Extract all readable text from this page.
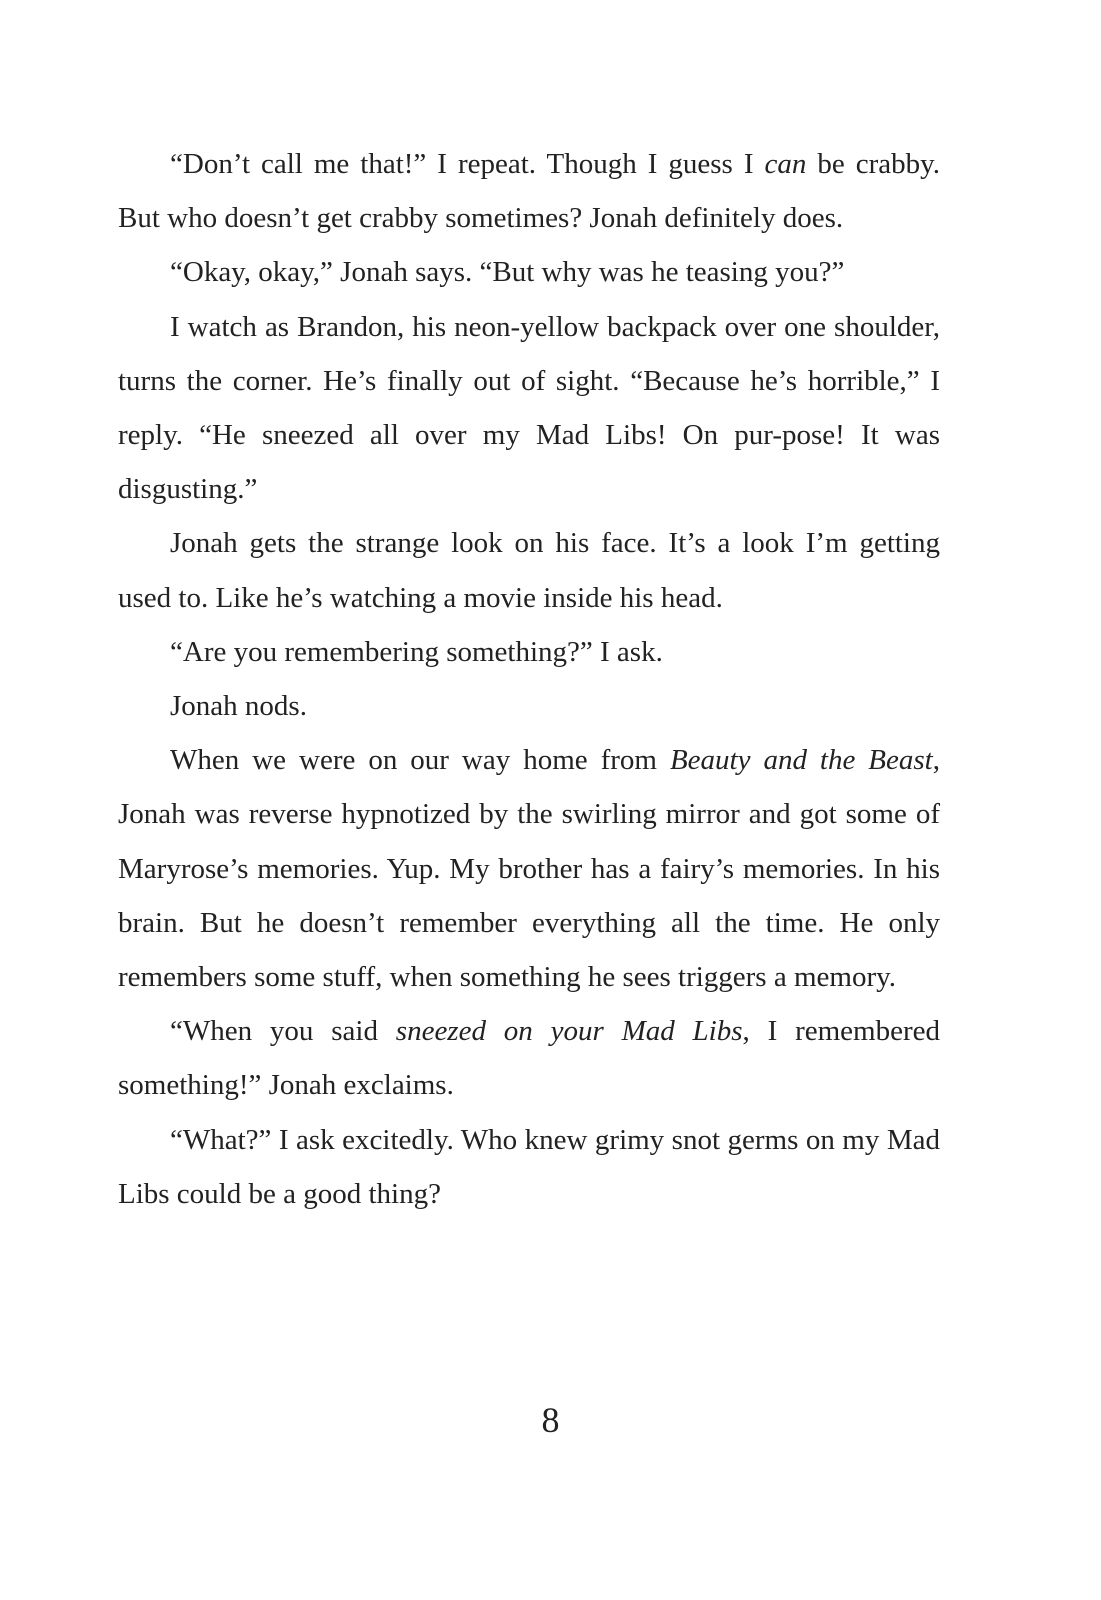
“Don’t call me that!” I repeat. Though I guess I can be crabby. But who doesn’t get crabby sometimes? Jonah definitely does.

“Okay, okay,” Jonah says. “But why was he teasing you?”

I watch as Brandon, his neon-yellow backpack over one shoulder, turns the corner. He’s finally out of sight. “Because he’s horrible,” I reply. “He sneezed all over my Mad Libs! On pur-pose! It was disgusting.”

Jonah gets the strange look on his face. It’s a look I’m getting used to. Like he’s watching a movie inside his head.

“Are you remembering something?” I ask.

Jonah nods.

When we were on our way home from Beauty and the Beast, Jonah was reverse hypnotized by the swirling mirror and got some of Maryrose’s memories. Yup. My brother has a fairy’s memories. In his brain. But he doesn’t remember everything all the time. He only remembers some stuff, when something he sees triggers a memory.

“When you said sneezed on your Mad Libs, I remembered something!” Jonah exclaims.

“What?” I ask excitedly. Who knew grimy snot germs on my Mad Libs could be a good thing?

8
